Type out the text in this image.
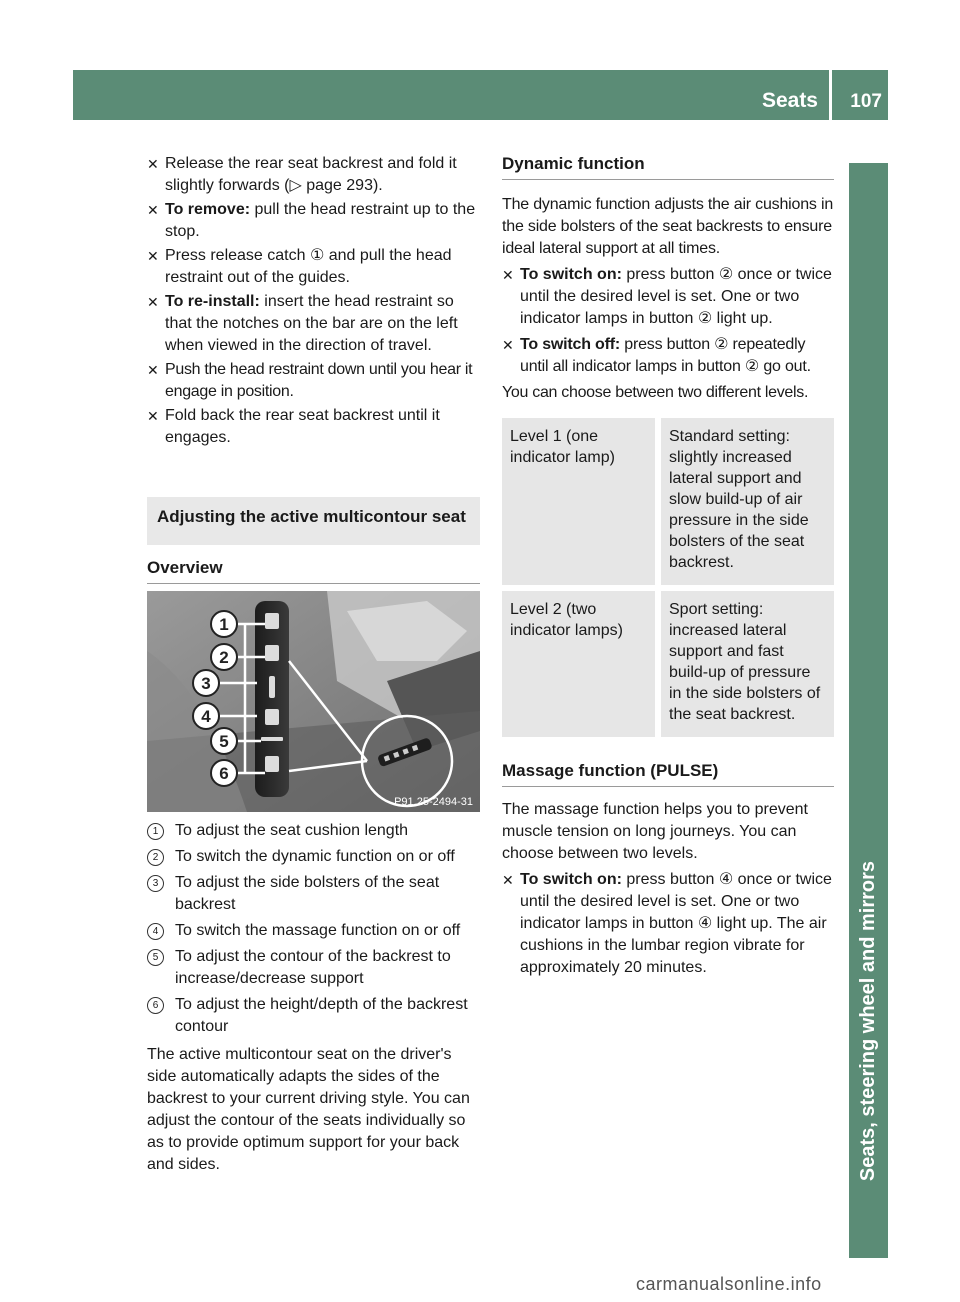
Seats 107
Seats, steering wheel and mirrors

✕ Release the rear seat backrest and fold it slightly forwards (▷ page 293).

✕ To remove: pull the head restraint up to the stop.

✕ Press release catch ① and pull the head restraint out of the guides.

✕ To re-install: insert the head restraint so that the notches on the bar are on the left when viewed in the direction of travel.

✕ Push the head restraint down until you hear it engage in position.

✕ Fold back the rear seat backrest until it engages.

Adjusting the active multicontour seat
Overview
1
2
3
4
5
6
P91.25-2494-31

1	To adjust the seat cushion length

2	To switch the dynamic function on or off

3	To adjust the side bolsters of the seat backrest

4	To switch the massage function on or off

5	To adjust the contour of the backrest to increase/decrease support

6	To adjust the height/depth of the backrest contour

The active multicontour seat on the driver's side automatically adapts the sides of the backrest to your current driving style. You can adjust the contour of the seats individually so as to provide optimum support for your back and sides.

Dynamic function

The dynamic function adjusts the air cushions in the side bolsters of the seat backrests to ensure ideal lateral support at all times.

✕ To switch on: press button ② once or twice until the desired level is set. One or two indicator lamps in button ② light up.

✕ To switch off: press button ② repeatedly until all indicator lamps in button ② go out.

You can choose between two different levels.

Level 1 (one indicator lamp)	Standard setting: slightly increased lateral support and slow build-up of air pressure in the side bolsters of the seat backrest.
Level 2 (two indicator lamps)	Sport setting: increased lateral support and fast build-up of pressure in the side bolsters of the seat backrest.
Massage function (PULSE)

The massage function helps you to prevent muscle tension on long journeys. You can choose between two levels.

✕ To switch on: press button ④ once or twice until the desired level is set. One or two indicator lamps in button ④ light up. The air cushions in the lumbar region vibrate for approximately 20 minutes.

carmanualsonline.info
